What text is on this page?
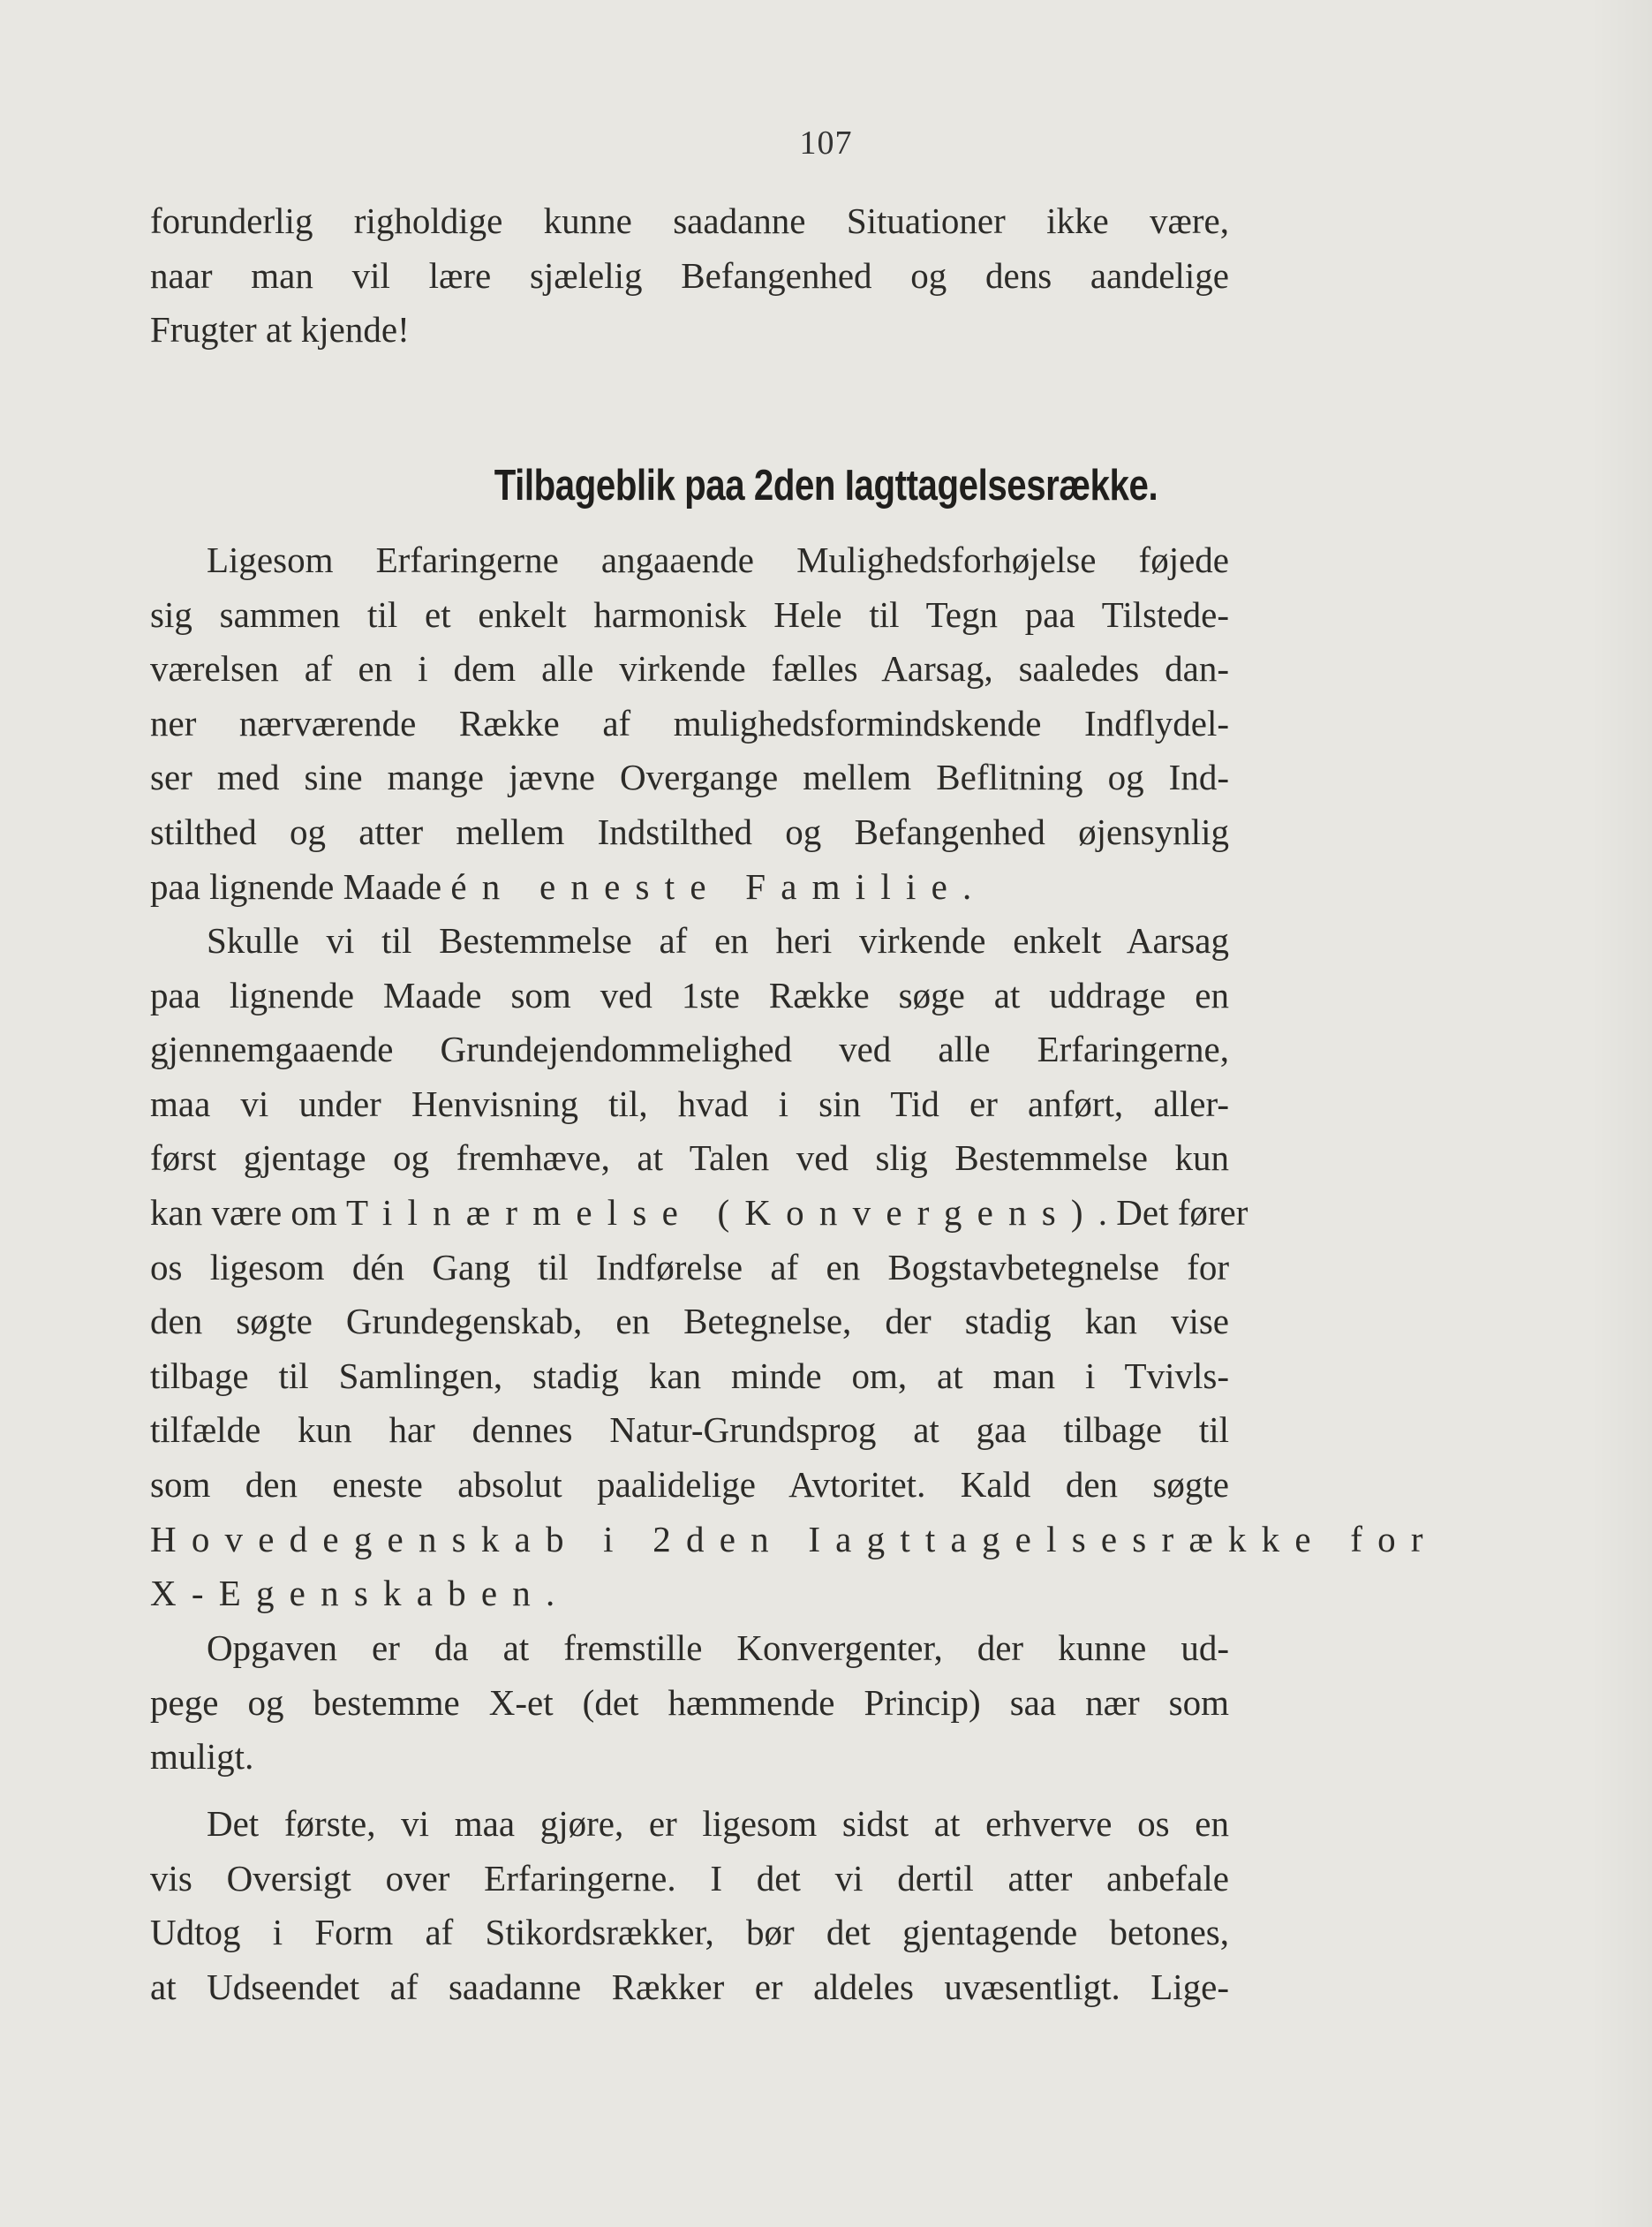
107
forunderlig righoldige kunne saadanne Situationer ikke være,
naar man vil lære sjælelig Befangenhed og dens aandelige
Frugter at kjende!
Tilbageblik paa 2den Iagttagelsesrække.
Ligesom Erfaringerne angaaende Mulighedsforhøjelse føjede
sig sammen til et enkelt harmonisk Hele til Tegn paa Tilstede-
værelsen af en i dem alle virkende fælles Aarsag, saaledes dan-
ner nærværende Række af mulighedsformindskende Indflydel-
ser med sine mange jævne Overgange mellem Beflitning og Ind-
stilthed og atter mellem Indstilthed og Befangenhed øjensynlig
paa lignende Maade én eneste Familie.
Skulle vi til Bestemmelse af en heri virkende enkelt Aarsag
paa lignende Maade som ved 1ste Række søge at uddrage en
gjennemgaaende Grundejendommelighed ved alle Erfaringerne,
maa vi under Henvisning til, hvad i sin Tid er anført, aller-
først gjentage og fremhæve, at Talen ved slig Bestemmelse kun
kan være om Tilnærmelse (Konvergens). Det fører
os ligesom dén Gang til Indførelse af en Bogstavbetegnelse for
den søgte Grundegenskab, en Betegnelse, der stadig kan vise
tilbage til Samlingen, stadig kan minde om, at man i Tvivls-
tilfælde kun har dennes Natur-Grundsprog at gaa tilbage til
som den eneste absolut paalidelige Avtoritet. Kald den søgte
Hovedegenskab i 2den Iagttagelsesrække for
X-Egenskaben.
Opgaven er da at fremstille Konvergenter, der kunne ud-
pege og bestemme X-et (det hæmmende Princip) saa nær som
muligt.
Det første, vi maa gjøre, er ligesom sidst at erhverve os en
vis Oversigt over Erfaringerne. I det vi dertil atter anbefale
Udtog i Form af Stikordsrækker, bør det gjentagende betones,
at Udseendet af saadanne Rækker er aldeles uvæsentligt. Lige-
